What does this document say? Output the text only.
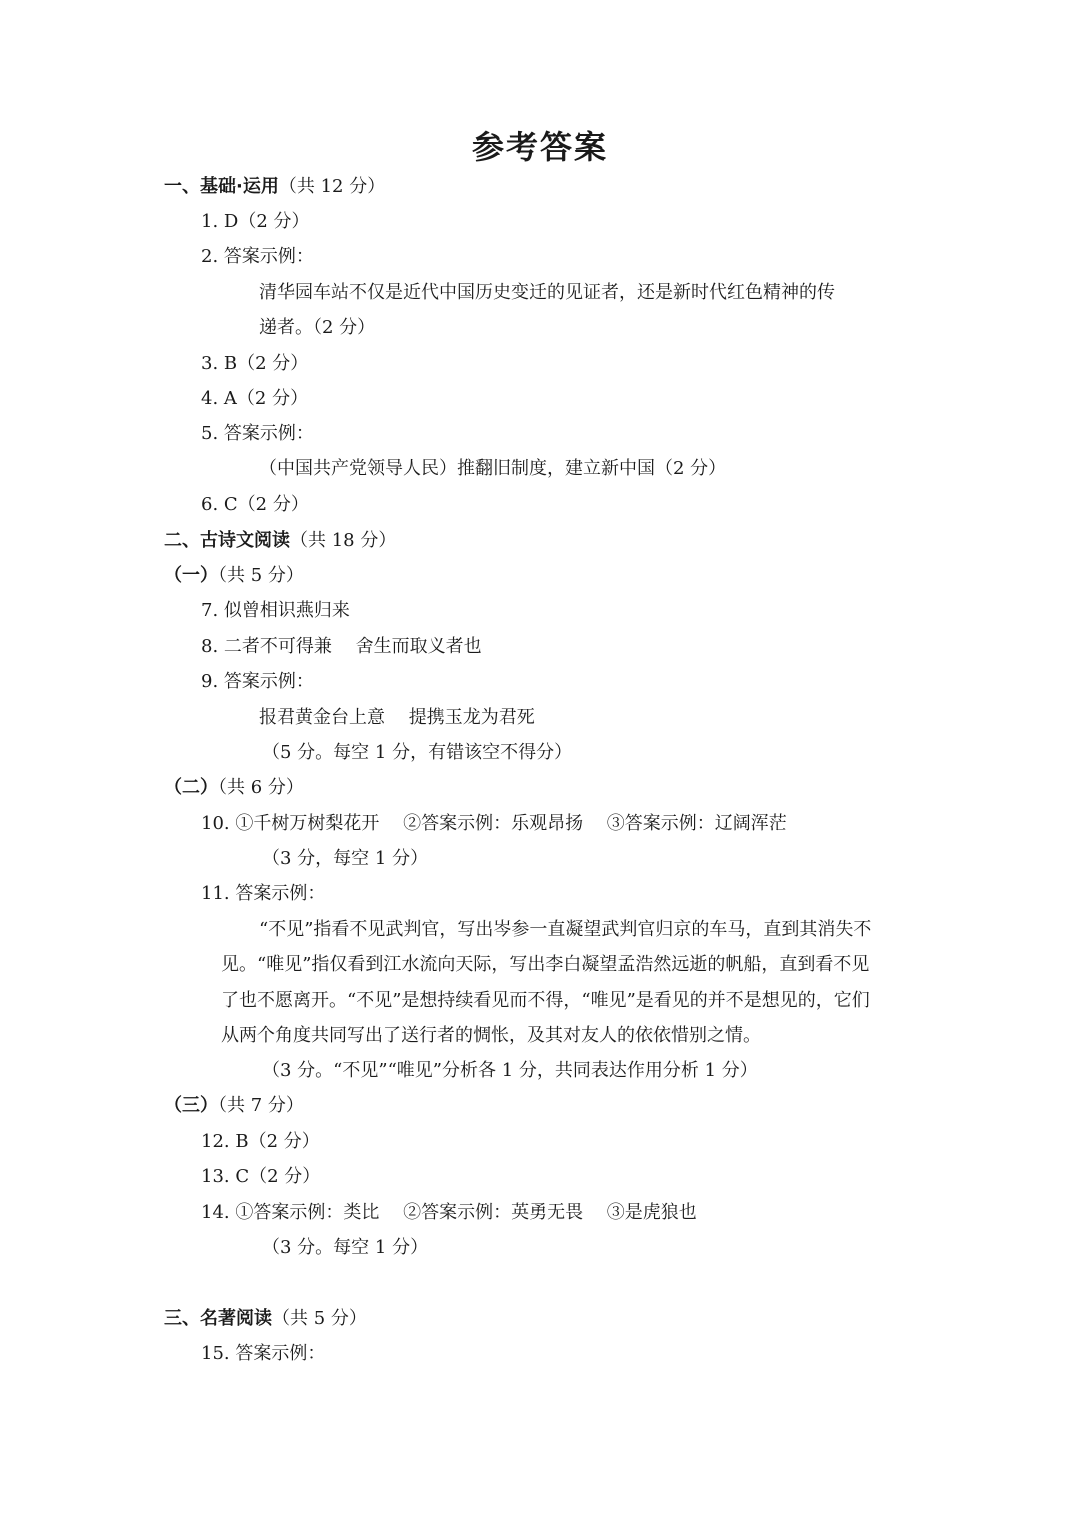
参考答案
一、基础·运用（共 12 分）
1. D（2 分）
2. 答案示例：
清华园车站不仅是近代中国历史变迁的见证者，还是新时代红色精神的传
递者。（2 分）
3. B（2 分）
4. A（2 分）
5. 答案示例：
（中国共产党领导人民）推翻旧制度，建立新中国（2 分）
6. C（2 分）
二、古诗文阅读（共 18 分）
（一）（共 5 分）
7. 似曾相识燕归来
8. 二者不可得兼　 舍生而取义者也
9. 答案示例：
报君黄金台上意　 提携玉龙为君死
（5 分。每空 1 分，有错该空不得分）
（二）（共 6 分）
10. ①千树万树梨花开　 ②答案示例：乐观昂扬　 ③答案示例：辽阔浑茫
（3 分，每空 1 分）
11. 答案示例：
“不见”指看不见武判官，写出岑参一直凝望武判官归京的车马，直到其消失不
见。“唯见”指仅看到江水流向天际，写出李白凝望孟浩然远逝的帆船，直到看不见
了也不愿离开。“不见”是想持续看见而不得，“唯见”是看见的并不是想见的，它们
从两个角度共同写出了送行者的惆怅，及其对友人的依依惜别之情。
（3 分。“不见”“唯见”分析各 1 分，共同表达作用分析 1 分）
（三）（共 7 分）
12. B（2 分）
13. C（2 分）
14. ①答案示例：类比　 ②答案示例：英勇无畏　 ③是虎狼也
（3 分。每空 1 分）
三、名著阅读（共 5 分）
15. 答案示例：
